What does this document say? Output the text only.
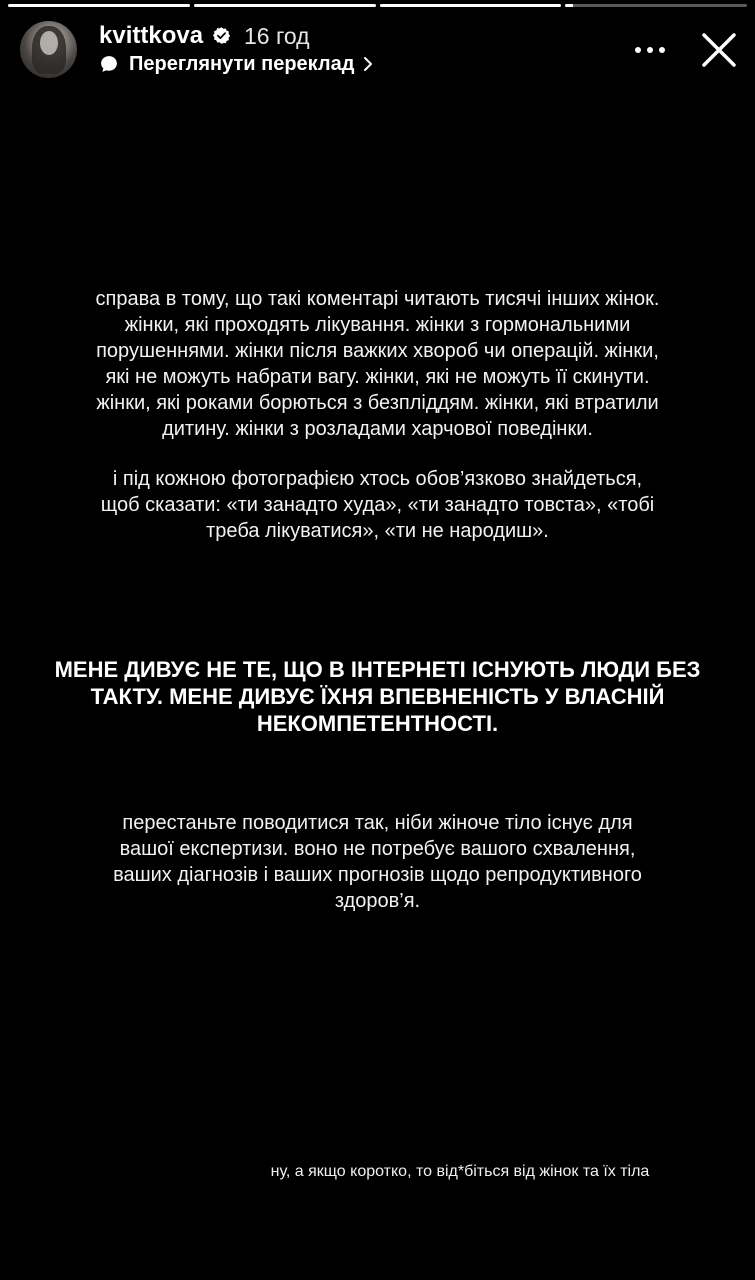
kvittkova 16 год
Переглянути переклад
справа в тому, що такі коментарі читають тисячі інших жінок.
жінки, які проходять лікування. жінки з гормональними
порушеннями. жінки після важких хвороб чи операцій. жінки,
які не можуть набрати вагу. жінки, які не можуть її скинути.
жінки, які роками борються з безпліддям. жінки, які втратили
дитину. жінки з розладами харчової поведінки.
і під кожною фотографією хтось обов’язково знайдеться,
щоб сказати: «ти занадто худа», «ти занадто товста», «тобі
треба лікуватися», «ти не народиш».
МЕНЕ ДИВУЄ НЕ ТЕ, ЩО В ІНТЕРНЕТІ ІСНУЮТЬ ЛЮДИ БЕЗ
ТАКТУ. МЕНЕ ДИВУЄ ЇХНЯ ВПЕВНЕНІСТЬ У ВЛАСНІЙ
НЕКОМПЕТЕНТНОСТІ.
перестаньте поводитися так, ніби жіноче тіло існує для
вашої експертизи. воно не потребує вашого схвалення,
ваших діагнозів і ваших прогнозів щодо репродуктивного
здоров’я.
ну, а якщо коротко, то від*біться від жінок та їх тіла
